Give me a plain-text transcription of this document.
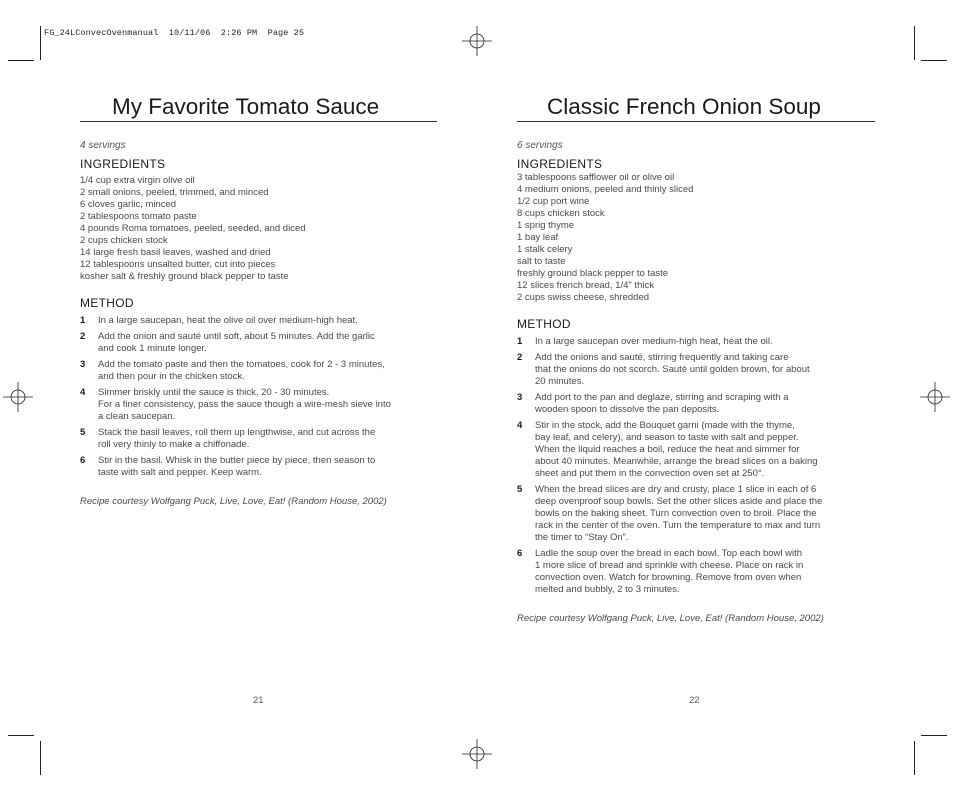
FG_24LConvecOvenmanual  10/11/06  2:26 PM  Page 25
My Favorite Tomato Sauce
4 servings
INGREDIENTS
1/4 cup extra virgin olive oil
2 small onions, peeled, trimmed, and minced
6 cloves garlic, minced
2 tablespoons tomato paste
4 pounds Roma tomatoes, peeled, seeded, and diced
2 cups chicken stock
14 large fresh basil leaves, washed and dried
12 tablespoons unsalted butter, cut into pieces
kosher salt & freshly ground black pepper to taste
METHOD
1	In a large saucepan, heat the olive oil over medium-high heat.
2	Add the onion and sauté until soft, about 5 minutes. Add the garlic
and cook 1 minute longer.
3	Add the tomato paste and then the tomatoes, cook for 2 - 3 minutes,
and then pour in the chicken stock.
4	Simmer briskly until the sauce is thick, 20 - 30 minutes.
For a finer consistency, pass the sauce though a wire-mesh sieve into
a clean saucepan.
5	Stack the basil leaves, roll them up lengthwise, and cut across the
roll very thinly to make a chiffonade.
6	Stir in the basil. Whisk in the butter piece by piece, then season to
taste with salt and pepper. Keep warm.
Recipe courtesy Wolfgang Puck, Live, Love, Eat! (Random House, 2002)
21
Classic French Onion Soup
6 servings
INGREDIENTS
3 tablespoons safflower oil or olive oil
4 medium onions, peeled and thinly sliced
1/2 cup port wine
8 cups chicken stock
1 sprig thyme
1 bay leaf
1 stalk celery
salt to taste
freshly ground black pepper to taste
12 slices french bread, 1/4" thick
2 cups swiss cheese, shredded
METHOD
1	In a large saucepan over medium-high heat, heat the oil.
2	Add the onions and sauté, stirring frequently and taking care
that the onions do not scorch. Sauté until golden brown, for about
20 minutes.
3	Add port to the pan and deglaze, stirring and scraping with a
wooden spoon to dissolve the pan deposits.
4	Stir in the stock, add the Bouquet garni (made with the thyme,
bay leaf, and celery), and season to taste with salt and pepper.
When the liquid reaches a boil, reduce the heat and simmer for
about 40 minutes. Meanwhile, arrange the bread slices on a baking
sheet and put them in the convection oven set at 250°.
5	When the bread slices are dry and crusty, place 1 slice in each of 6
deep ovenproof soup bowls. Set the other slices aside and place the
bowls on the baking sheet. Turn convection oven to broil. Place the
rack in the center of the oven. Turn the temperature to max and turn
the timer to “Stay On”.
6	Ladle the soup over the bread in each bowl. Top each bowl with
1 more slice of bread and sprinkle with cheese. Place on rack in
convection oven. Watch for browning. Remove from oven when
melted and bubbly, 2 to 3 minutes.
Recipe courtesy Wolfgang Puck, Live, Love, Eat! (Random House, 2002)
22
